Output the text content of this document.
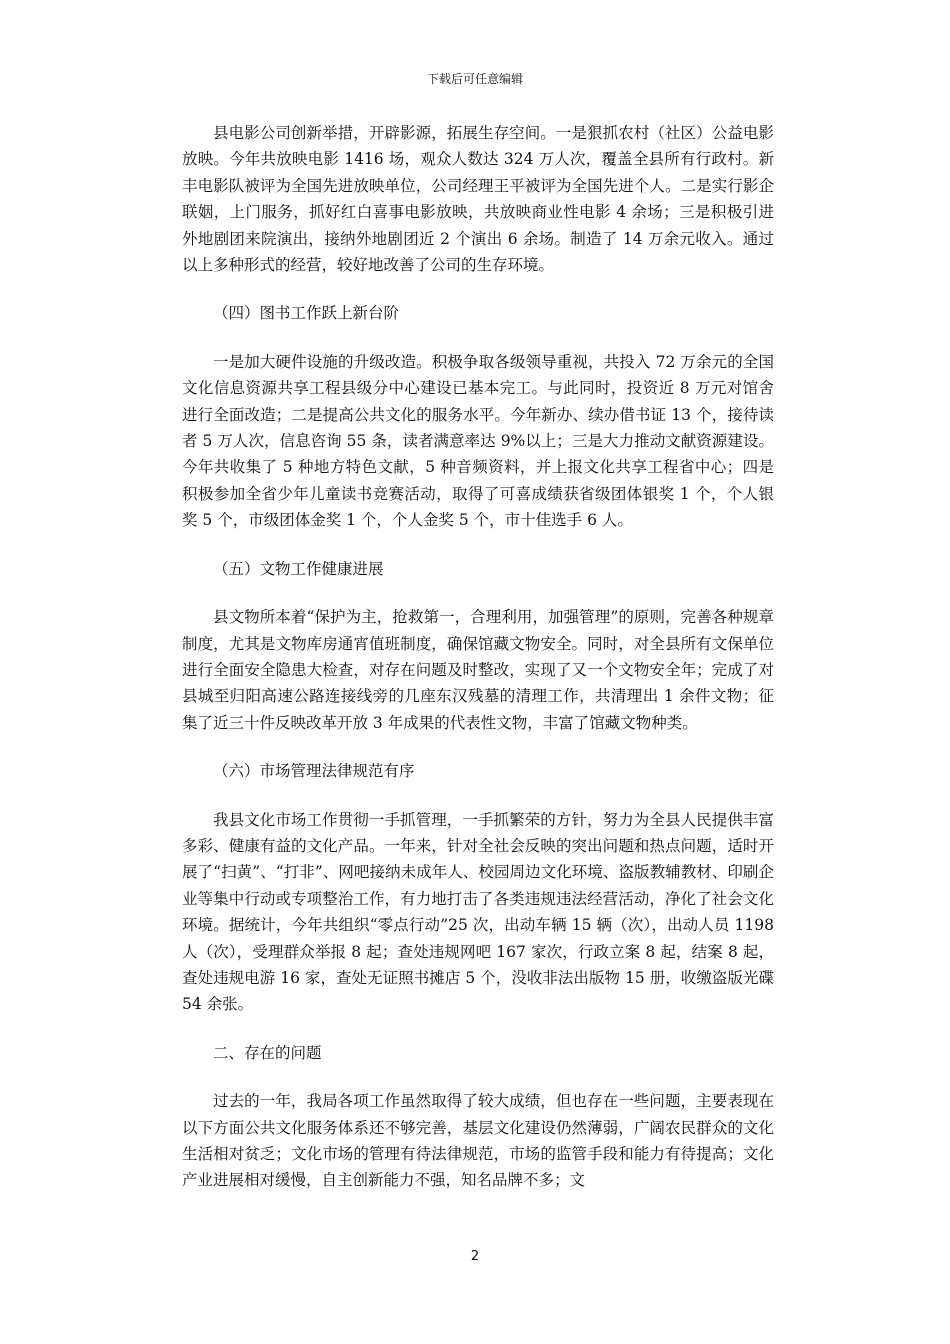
下载后可任意编辑

县电影公司创新举措，开辟影源，拓展生存空间。一是狠抓农村（社区）公益电影放映。今年共放映电影 1416 场，观众人数达 324 万人次，覆盖全县所有行政村。新丰电影队被评为全国先进放映单位，公司经理王平被评为全国先进个人。二是实行影企联姻，上门服务，抓好红白喜事电影放映，共放映商业性电影 4 余场；三是积极引进外地剧团来院演出，接纳外地剧团近 2 个演出 6 余场。制造了 14 万余元收入。通过以上多种形式的经营，较好地改善了公司的生存环境。

（四）图书工作跃上新台阶

一是加大硬件设施的升级改造。积极争取各级领导重视，共投入 72 万余元的全国文化信息资源共享工程县级分中心建设已基本完工。与此同时，投资近 8 万元对馆舍进行全面改造；二是提高公共文化的服务水平。今年新办、续办借书证 13 个，接待读者 5 万人次，信息咨询 55 条，读者满意率达 9%以上；三是大力推动文献资源建设。今年共收集了 5 种地方特色文献，5 种音频资料，并上报文化共享工程省中心；四是积极参加全省少年儿童读书竞赛活动，取得了可喜成绩获省级团体银奖 1 个，个人银奖 5 个，市级团体金奖 1 个，个人金奖 5 个，市十佳选手 6 人。

（五）文物工作健康进展

县文物所本着“保护为主，抢救第一，合理利用，加强管理”的原则，完善各种规章制度，尤其是文物库房通宵值班制度，确保馆藏文物安全。同时，对全县所有文保单位进行全面安全隐患大检查，对存在问题及时整改，实现了又一个文物安全年；完成了对县城至归阳高速公路连接线旁的几座东汉残墓的清理工作，共清理出 1 余件文物；征集了近三十件反映改革开放 3 年成果的代表性文物，丰富了馆藏文物种类。

（六）市场管理法律规范有序

我县文化市场工作贯彻一手抓管理，一手抓繁荣的方针，努力为全县人民提供丰富多彩、健康有益的文化产品。一年来，针对全社会反映的突出问题和热点问题，适时开展了“扫黄”、“打非”、网吧接纳未成年人、校园周边文化环境、盗版教辅教材、印刷企业等集中行动或专项整治工作，有力地打击了各类违规违法经营活动，净化了社会文化环境。据统计，今年共组织“零点行动”25 次，出动车辆 15 辆（次），出动人员 1198 人（次），受理群众举报 8 起；查处违规网吧 167 家次，行政立案 8 起，结案 8 起，查处违规电游 16 家，查处无证照书摊店 5 个，没收非法出版物 15 册，收缴盗版光碟 54 余张。

二、存在的问题

过去的一年，我局各项工作虽然取得了较大成绩，但也存在一些问题，主要表现在以下方面公共文化服务体系还不够完善，基层文化建设仍然薄弱，广阔农民群众的文化生活相对贫乏；文化市场的管理有待法律规范，市场的监管手段和能力有待提高；文化产业进展相对缓慢，自主创新能力不强，知名品牌不多；文

2
